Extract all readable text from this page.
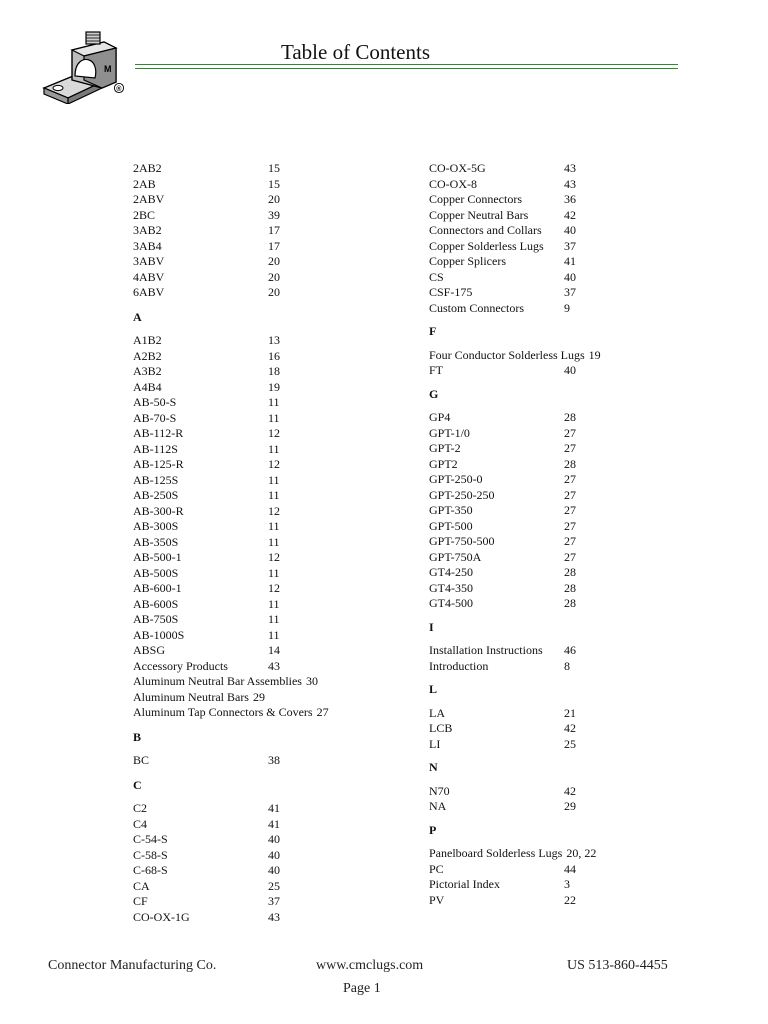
M
®
Table of Contents
2AB2	15
2AB	15
2ABV	20
2BC	39
3AB2	17
3AB4	17
3ABV	20
4ABV	20
6ABV	20
A
A1B2	13
A2B2	16
A3B2	18
A4B4	19
AB-50-S	11
AB-70-S	11
AB-112-R	12
AB-112S	11
AB-125-R	12
AB-125S	11
AB-250S	11
AB-300-R	12
AB-300S	11
AB-350S	11
AB-500-1	12
AB-500S	11
AB-600-1	12
AB-600S	11
AB-750S	11
AB-1000S	11
ABSG	14
Accessory Products	43
Aluminum Neutral Bar Assemblies 30
Aluminum Neutral Bars 29
Aluminum Tap Connectors & Covers 27
B
BC	38
C
C2	41
C4	41
C-54-S	40
C-58-S	40
C-68-S	40
CA	25
CF	37
CO-OX-1G	43
CO-OX-5G	43
CO-OX-8	43
Copper Connectors	36
Copper Neutral Bars	42
Connectors and Collars 40
Copper Solderless Lugs 37
Copper Splicers	41
CS	40
CSF-175	37
Custom Connectors	9
F
Four Conductor Solderless Lugs 19
FT	40
G
GP4	28
GPT-1/0	27
GPT-2	27
GPT2	28
GPT-250-0	27
GPT-250-250	27
GPT-350	27
GPT-500	27
GPT-750-500	27
GPT-750A	27
GT4-250	28
GT4-350	28
GT4-500	28
I
Installation Instructions 46
Introduction	8
L
LA	21
LCB	42
LI	25
N
N70	42
NA	29
P
Panelboard Solderless Lugs 20, 22
PC	44
Pictorial Index	3
PV	22
Connector Manufacturing Co.	www.cmclugs.com	US 513-860-4455
Page 1
